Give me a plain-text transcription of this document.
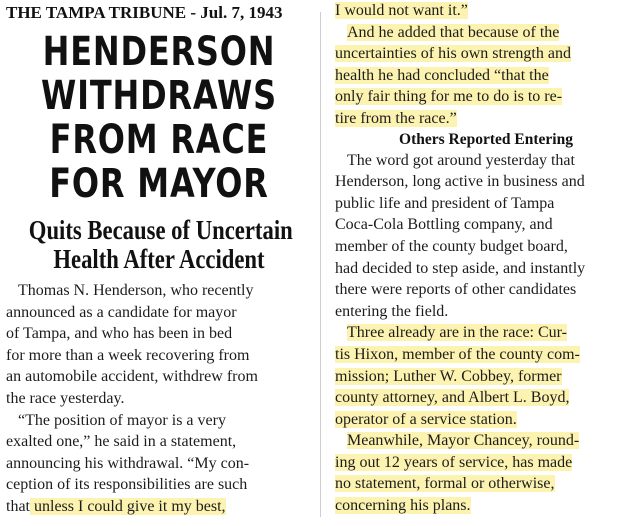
THE TAMPA TRIBUNE - Jul. 7, 1943
HENDERSON
WITHDRAWS
FROM RACE
FOR MAYOR
Quits Because of Uncertain
Health After Accident
Thomas N. Henderson, who recently
announced as a candidate for mayor
of Tampa, and who has been in bed
for more than a week recovering from
an automobile accident, withdrew from
the race yesterday.
“The position of mayor is a very
exalted one,” he said in a statement,
announcing his withdrawal. “My con-
ception of its responsibilities are such
that unless I could give it my best,
I would not want it.”
And he added that because of the
uncertainties of his own strength and
health he had concluded “that the
only fair thing for me to do is to re-
tire from the race.”
Others Reported Entering
The word got around yesterday that
Henderson, long active in business and
public life and president of Tampa
Coca-Cola Bottling company, and
member of the county budget board,
had decided to step aside, and instantly
there were reports of other candidates
entering the field.
Three already are in the race: Cur-
tis Hixon, member of the county com-
mission; Luther W. Cobbey, former
county attorney, and Albert L. Boyd,
operator of a service station.
Meanwhile, Mayor Chancey, round-
ing out 12 years of service, has made
no statement, formal or otherwise,
concerning his plans.
